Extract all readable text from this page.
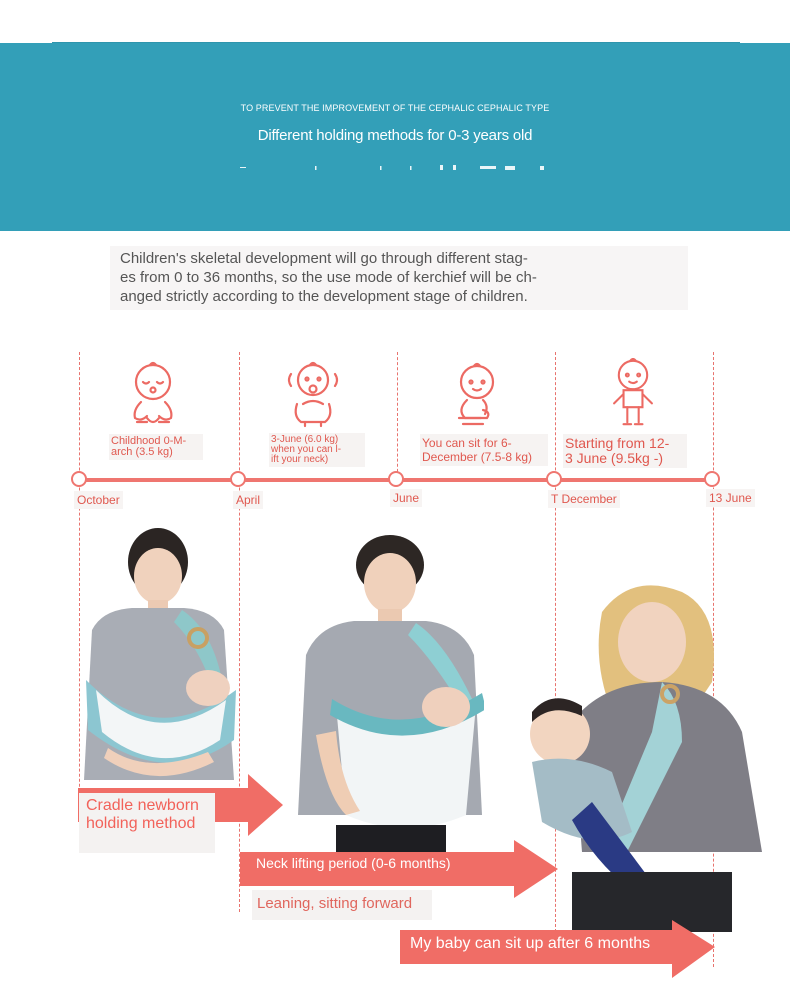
TO PREVENT THE IMPROVEMENT OF THE CEPHALIC CEPHALIC TYPE
Different holding methods for 0-3 years old
Children's skeletal development will go through different stag-
es from 0 to 36 months, so the use mode of kerchief will be ch-
anged strictly according to the development stage of children.
Childhood 0-M-
arch (3.5 kg)
3-June (6.0 kg)
when you can l-
ift your neck)
You can sit for 6-
December (7.5-8 kg)
Starting from 12-
3 June (9.5kg -)
October	April	June	T December	13 June
Cradle newborn
holding method
Neck lifting period (0-6 months)
Leaning, sitting forward
My baby can sit up after 6 months
